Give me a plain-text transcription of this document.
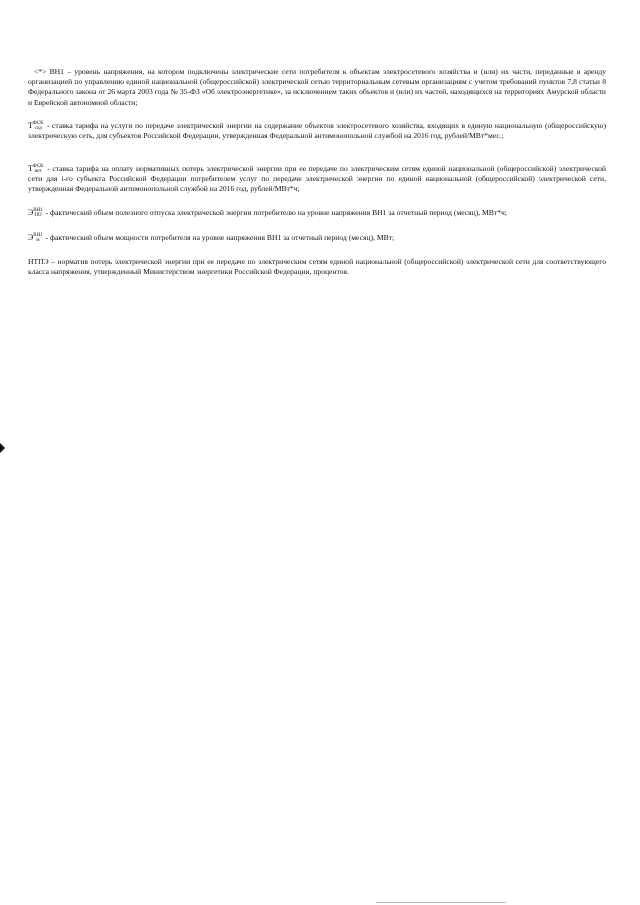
<*> ВН1 – уровень напряжения, на котором подключены электрические сети потребителя к объектам электросетевого хозяйства и (или) их части, переданные в аренду организацией по управлению единой национальной (общероссийской) электрической сетью территориальным сетевым организациям с учетом требований пунктов 7,8 статьи 8 Федерального закона от 26 марта 2003 года № 35-ФЗ «Об электроэнергетике», за исключением таких объектов и (или) их частей, находящихся на территориях Амурской области и Еврейской автономной области;

T ФСК
сод - ставка тарифа на услуги по передаче электрической энергии на содержание объектов электросетевого хозяйства, входящих в единую национальную (общероссийскую) электрическую сеть, для субъектов Российской Федерации, утвержденная Федеральной антимонопольной службой на 2016 год, рублей/МВт*мес.;

T ФСК
вот - ставка тарифа на оплату нормативных потерь электрической энергии при ее передаче по электрическим сетям единой национальной (общероссийской) электрической сети для i-го субъекта Российской Федерации потребителем услуг по передаче электрической энергии по единой национальной (общероссийской) электрической сети, утвержденная Федеральной антимонопольной службой на 2016 год, рублей/МВт*ч;

Э ВН1
ПО - фактический объем полезного отпуска электрической энергии потребителю на уровне напряжения ВН1 за отчетный период (месяц), МВт*ч;

Э ВН1
м - фактический объем мощности потребителя на уровне напряжения ВН1 за отчетный период (месяц), МВт;

НТПЭ – норматив потерь электрической энергии при ее передаче по электрическим сетям единой национальной (общероссийской) электрической сети для соответствующего класса напряжения, утвержденный Министерством энергетики Российской Федерации, процентов.
